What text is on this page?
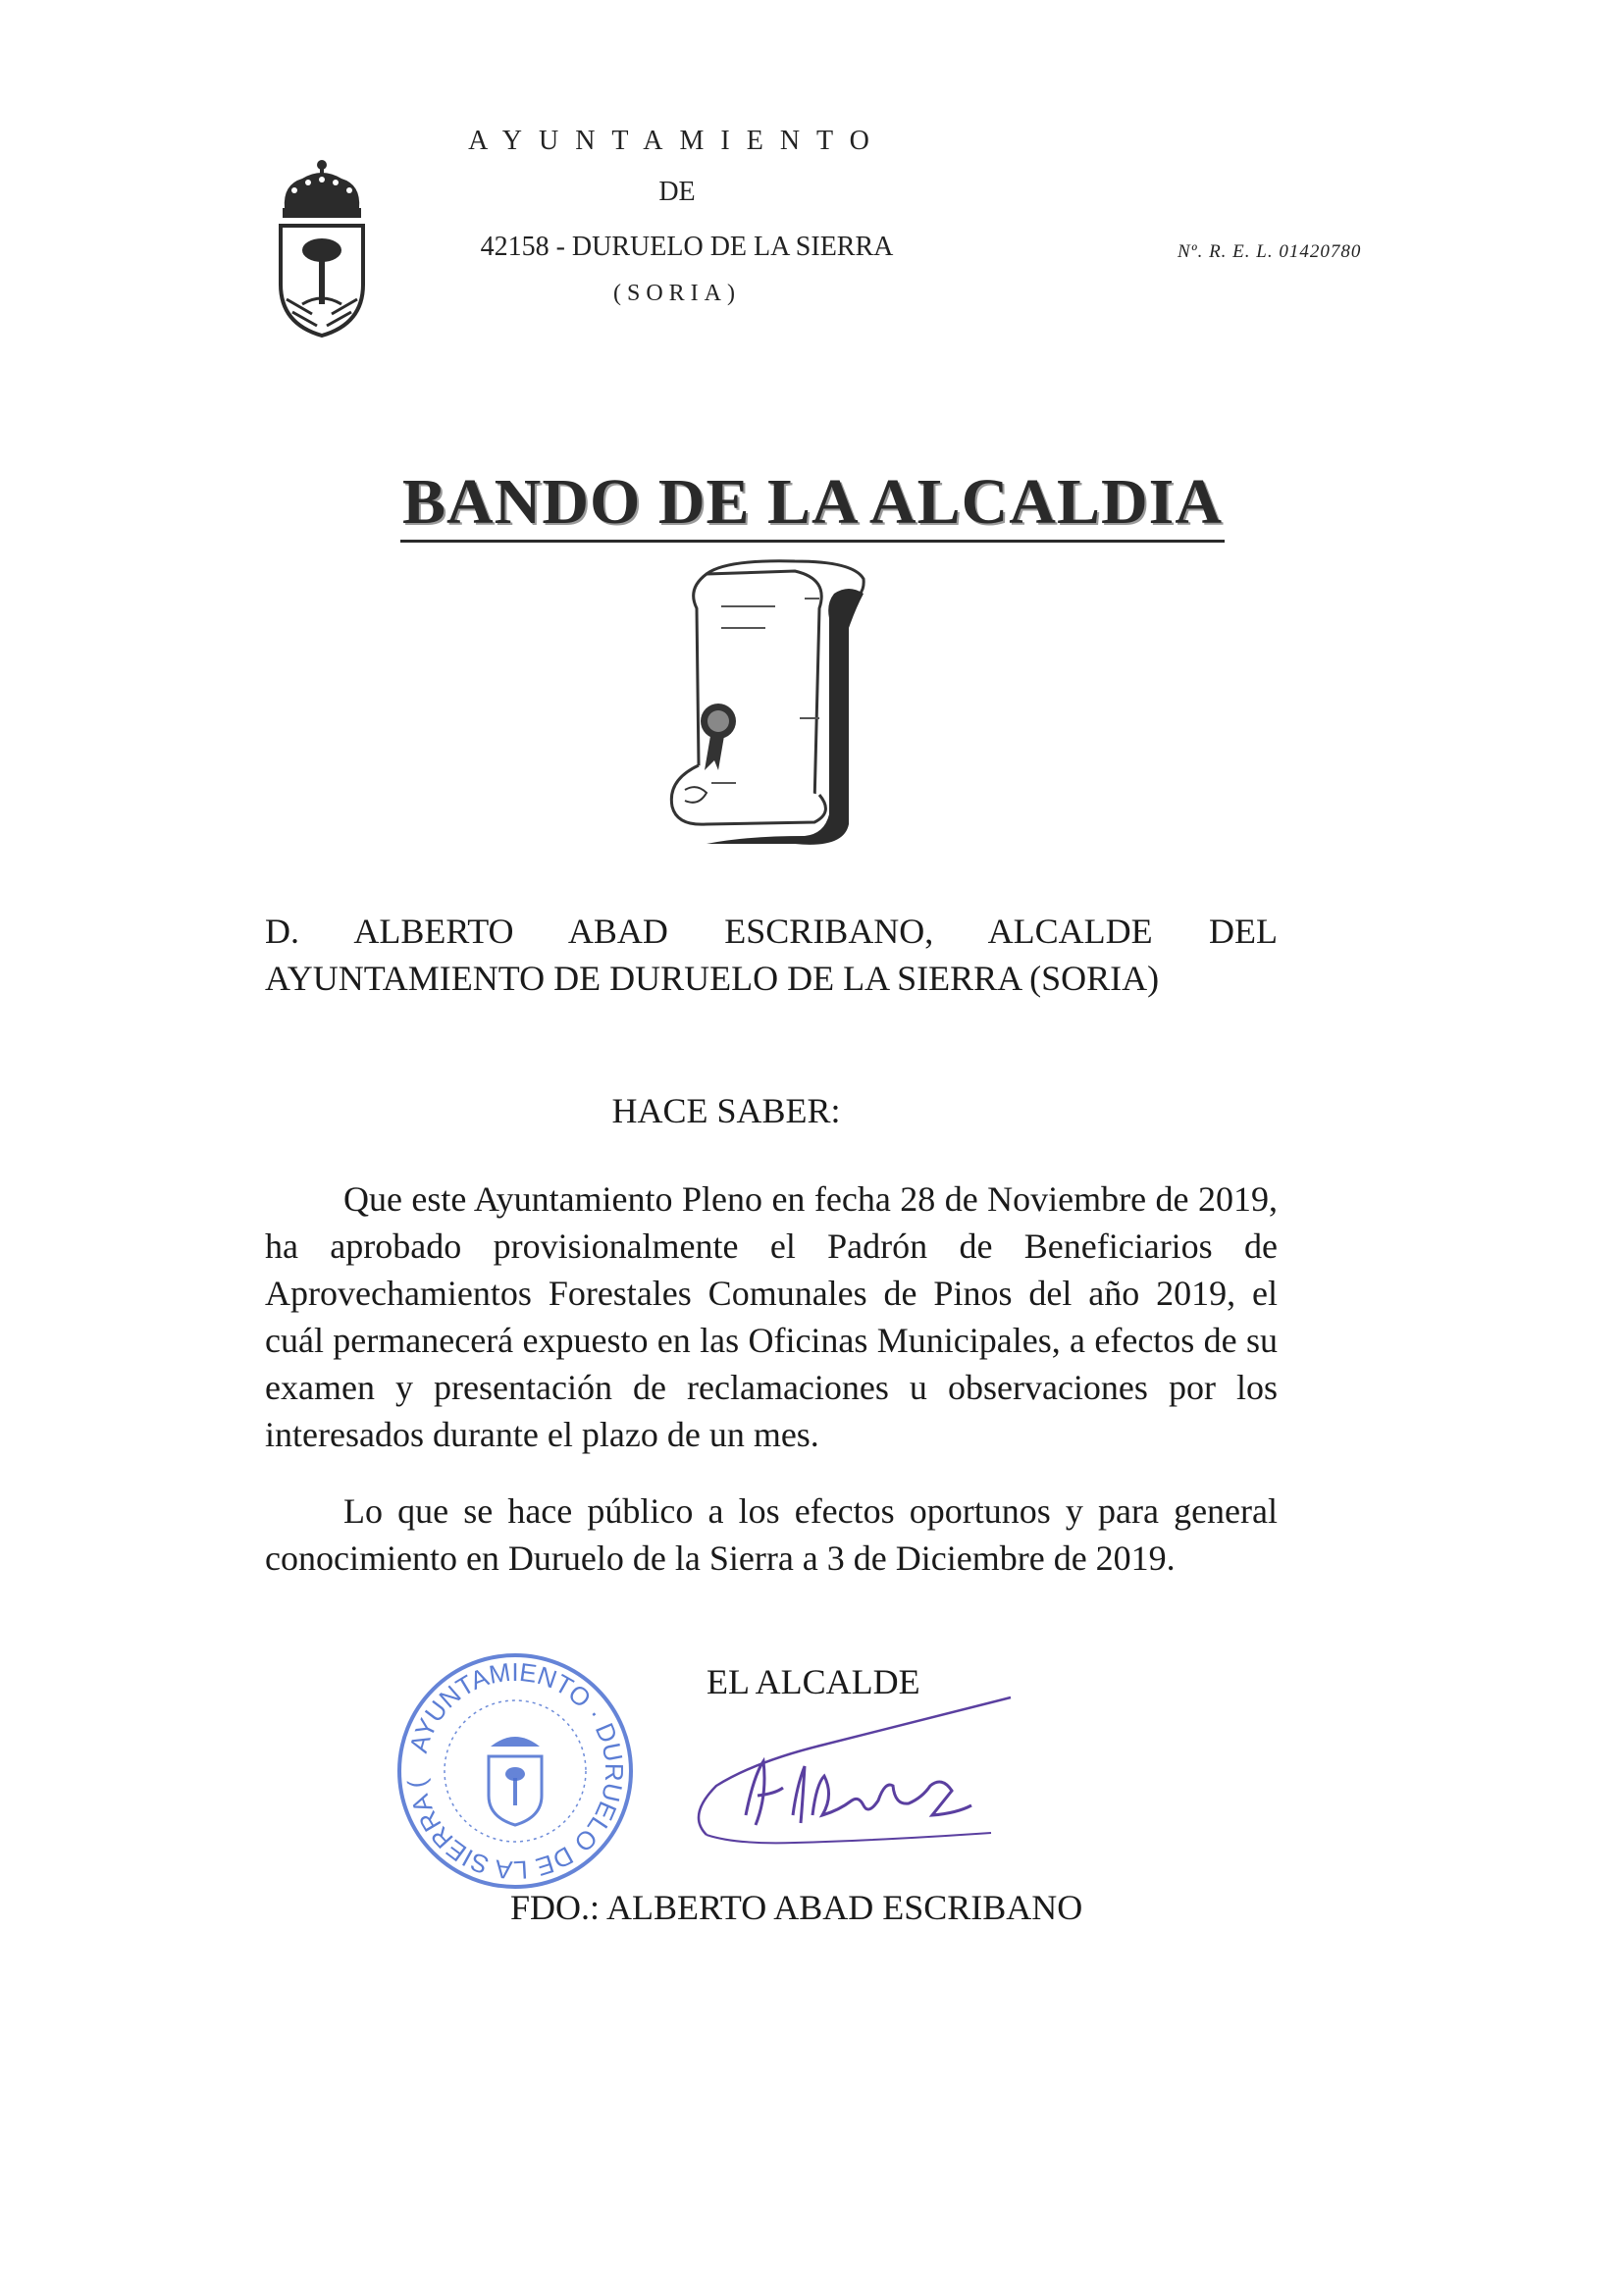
AYUNTAMIENTO
DE
42158 - DURUELO DE LA SIERRA
(SORIA)
Nº. R. E. L. 01420780
BANDO DE LA ALCALDIA
D. ALBERTO ABAD ESCRIBANO, ALCALDE DEL
AYUNTAMIENTO DE DURUELO DE LA SIERRA (SORIA)
HACE SABER:
Que este Ayuntamiento Pleno en fecha 28 de Noviembre de 2019, ha aprobado provisionalmente el Padrón de Beneficiarios de Aprovechamientos Forestales Comunales de Pinos del año 2019, el cuál permanecerá expuesto en las Oficinas Municipales, a efectos de su examen y presentación de reclamaciones u observaciones por los interesados durante el plazo de un mes.
Lo que se hace público a los efectos oportunos y para general conocimiento en Duruelo de la Sierra a 3 de Diciembre de 2019.
AYUNTAMIENTO · DURUELO DE LA SIERRA (
EL ALCALDE
FDO.: ALBERTO ABAD ESCRIBANO
